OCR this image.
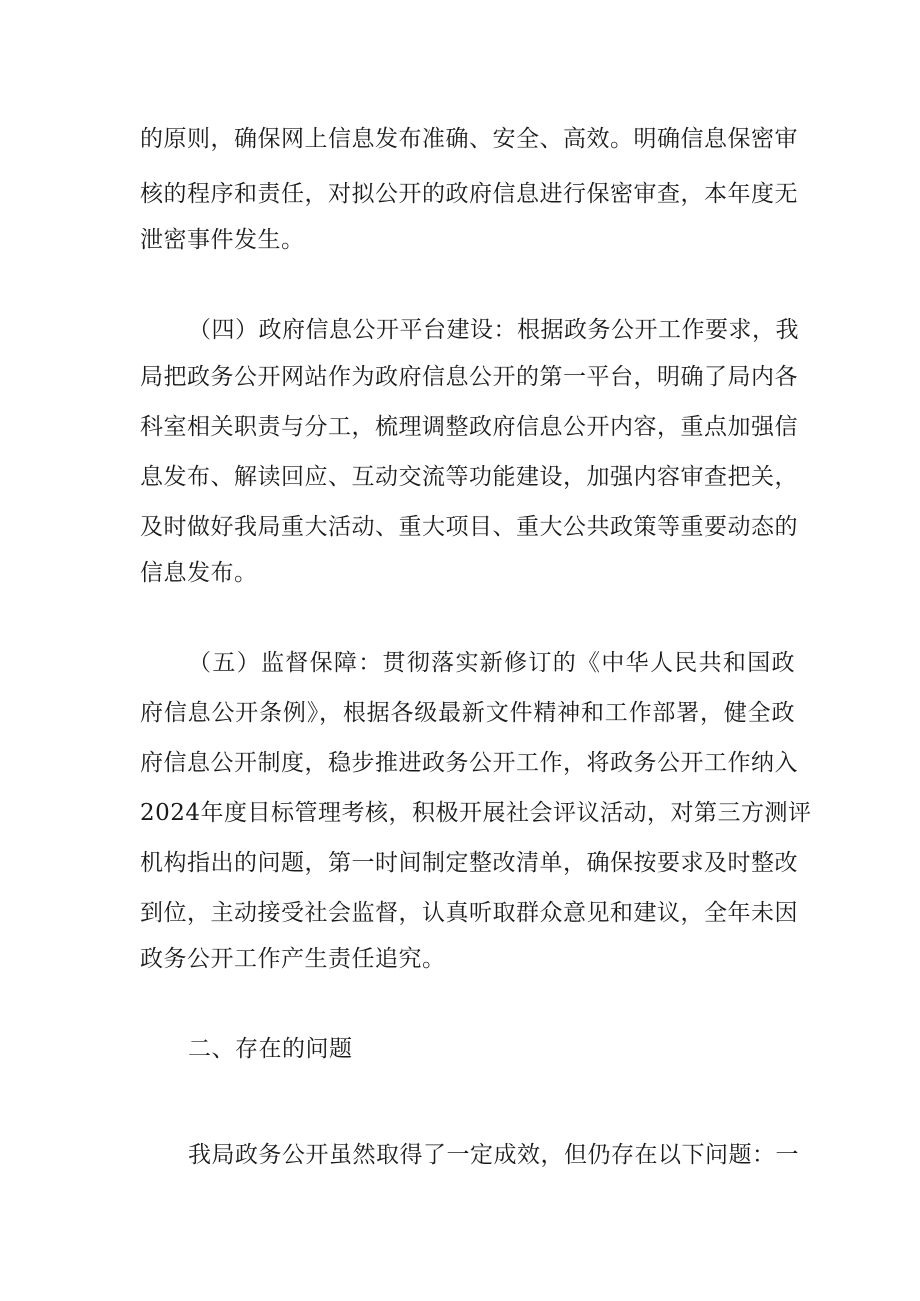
的原则，确保网上信息发布准确、安全、高效。明确信息保密审
核的程序和责任，对拟公开的政府信息进行保密审查，本年度无
泄密事件发生。
（四）政府信息公开平台建设：根据政务公开工作要求，我
局把政务公开网站作为政府信息公开的第一平台，明确了局内各
科室相关职责与分工，梳理调整政府信息公开内容，重点加强信
息发布、解读回应、互动交流等功能建设，加强内容审查把关，
及时做好我局重大活动、重大项目、重大公共政策等重要动态的
信息发布。
（五）监督保障：贯彻落实新修订的《中华人民共和国政
府信息公开条例》，根据各级最新文件精神和工作部署，健全政
府信息公开制度，稳步推进政务公开工作，将政务公开工作纳入
2024年度目标管理考核，积极开展社会评议活动，对第三方测评
机构指出的问题，第一时间制定整改清单，确保按要求及时整改
到位，主动接受社会监督，认真听取群众意见和建议，全年未因
政务公开工作产生责任追究。
二、存在的问题
我局政务公开虽然取得了一定成效，但仍存在以下问题：一
